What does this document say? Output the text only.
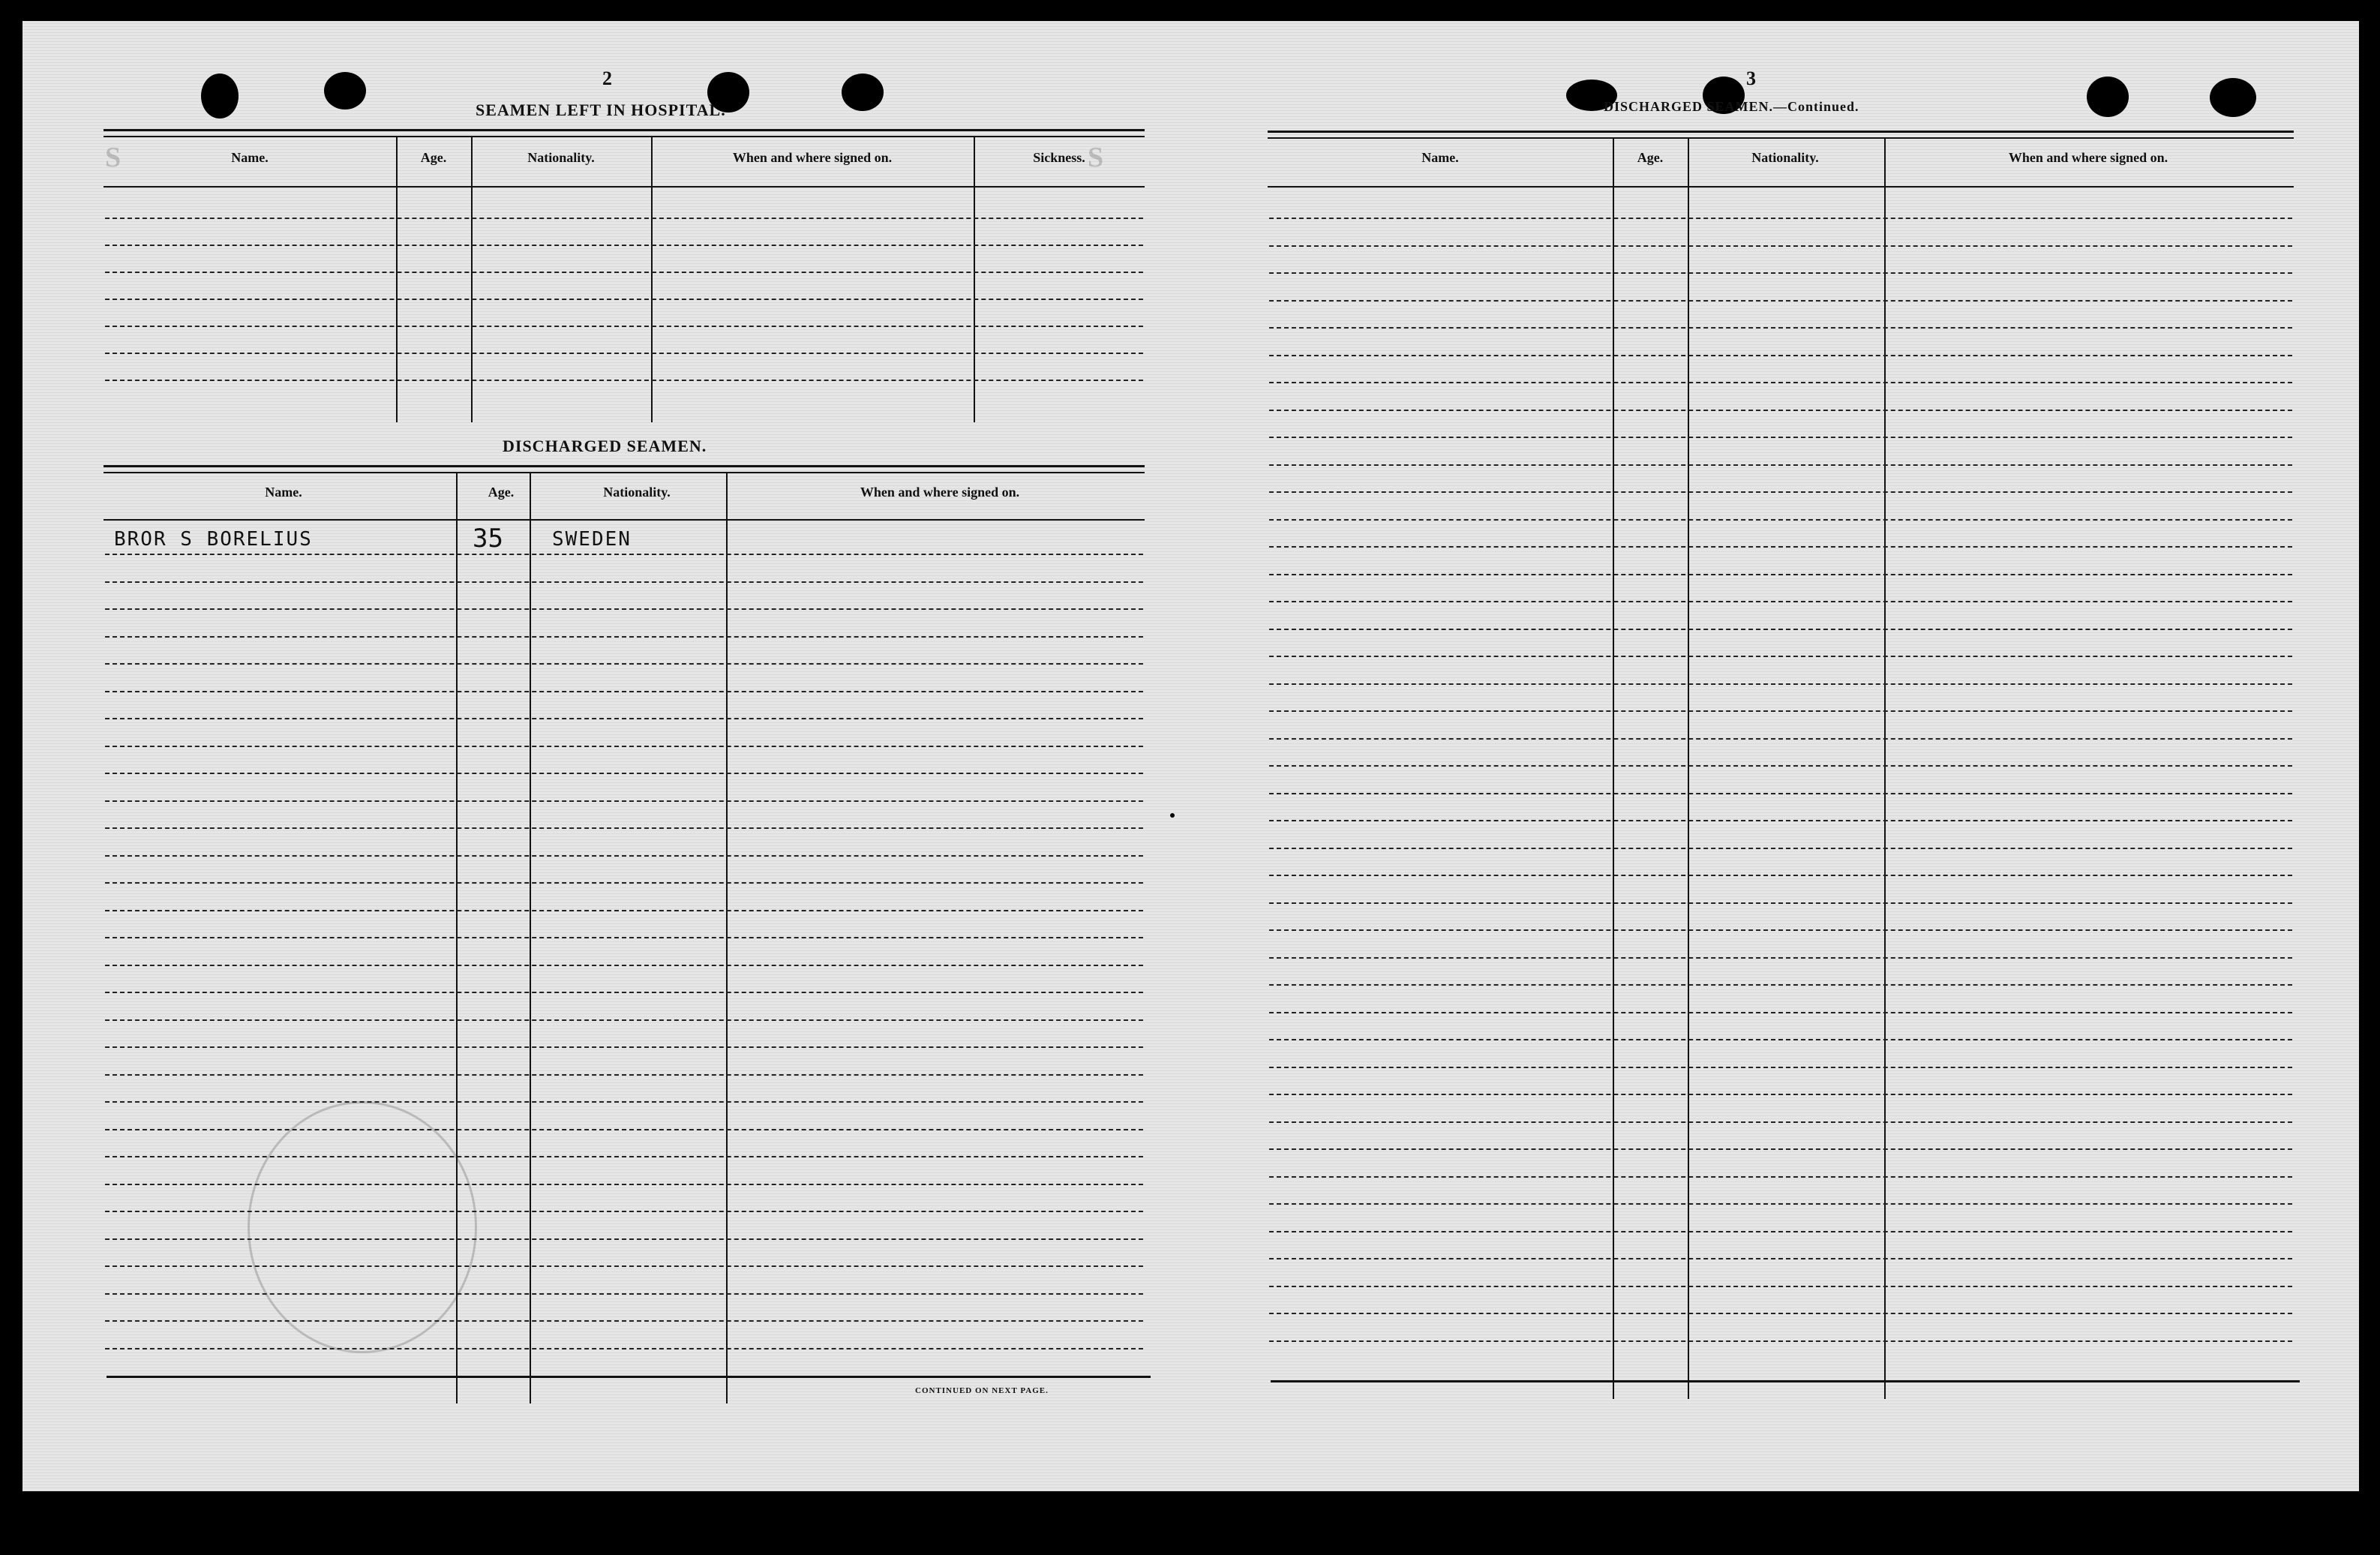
S	S
2
SEAMEN LEFT IN HOSPITAL.
Name.	Age.	Nationality.	When and where signed on.	Sickness.
DISCHARGED SEAMEN.
Name.	Age.	Nationality.	When and where signed on.
BROR S BORELIUS	35	SWEDEN
CONTINUED ON NEXT PAGE.
3
DISCHARGED SEAMEN.—Continued.
Name.	Age.	Nationality.	When and where signed on.
